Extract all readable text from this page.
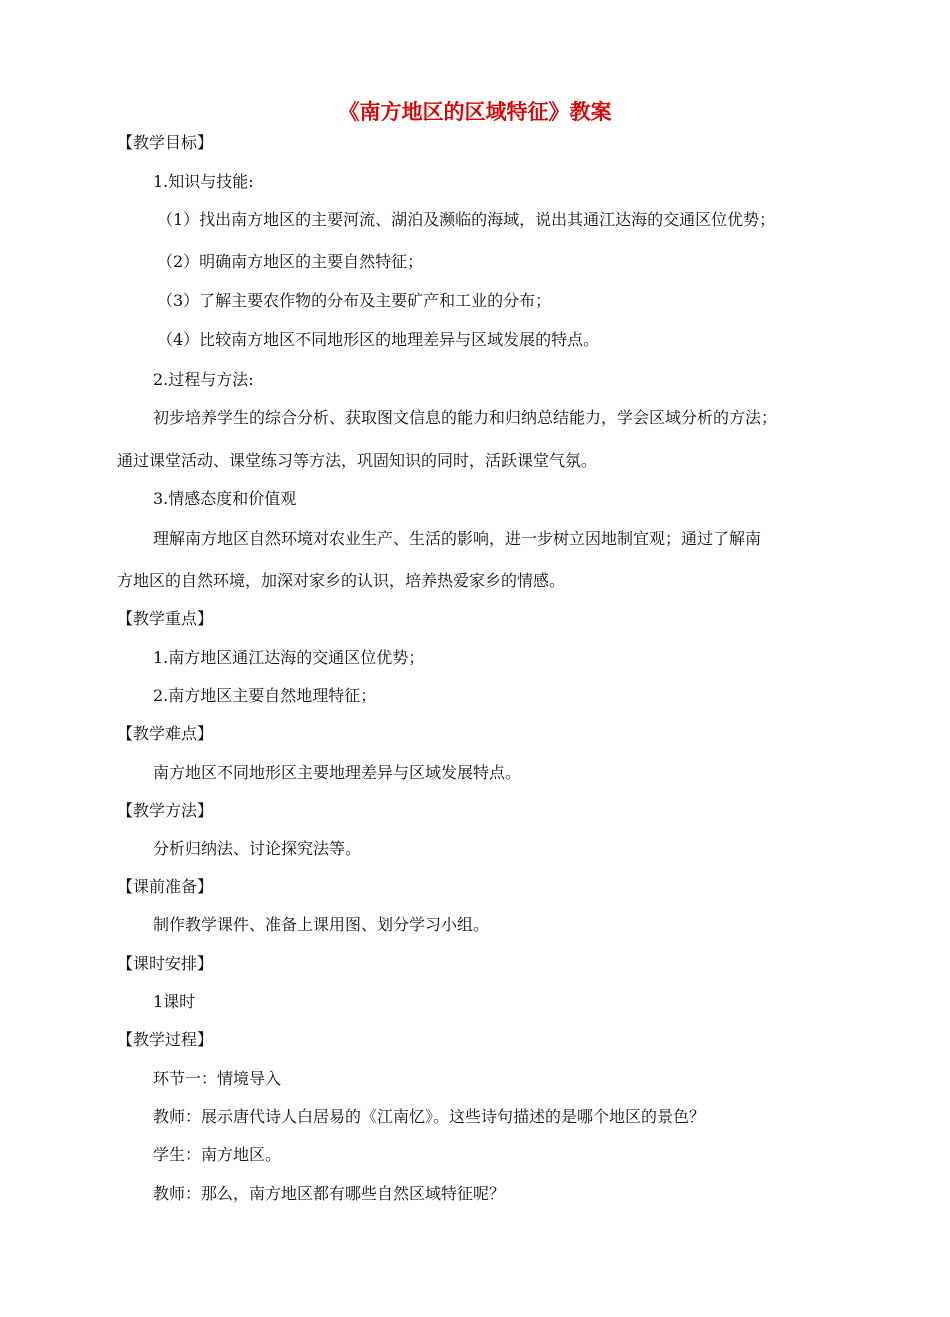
《南方地区的区域特征》教案
【教学目标】
1.知识与技能:
（1）找出南方地区的主要河流、湖泊及濒临的海域，说出其通江达海的交通区位优势；
（2）明确南方地区的主要自然特征；
（3）了解主要农作物的分布及主要矿产和工业的分布；
（4）比较南方地区不同地形区的地理差异与区域发展的特点。
2.过程与方法:
初步培养学生的综合分析、获取图文信息的能力和归纳总结能力，学会区域分析的方法；
通过课堂活动、课堂练习等方法，巩固知识的同时，活跃课堂气氛。
3.情感态度和价值观
理解南方地区自然环境对农业生产、生活的影响，进一步树立因地制宜观；通过了解南
方地区的自然环境，加深对家乡的认识，培养热爱家乡的情感。
【教学重点】
1.南方地区通江达海的交通区位优势；
2.南方地区主要自然地理特征；
【教学难点】
南方地区不同地形区主要地理差异与区域发展特点。
【教学方法】
分析归纳法、讨论探究法等。
【课前准备】
制作教学课件、准备上课用图、划分学习小组。
【课时安排】
1课时
【教学过程】
环节一：情境导入
教师：展示唐代诗人白居易的《江南忆》。这些诗句描述的是哪个地区的景色？
学生：南方地区。
教师：那么，南方地区都有哪些自然区域特征呢？
